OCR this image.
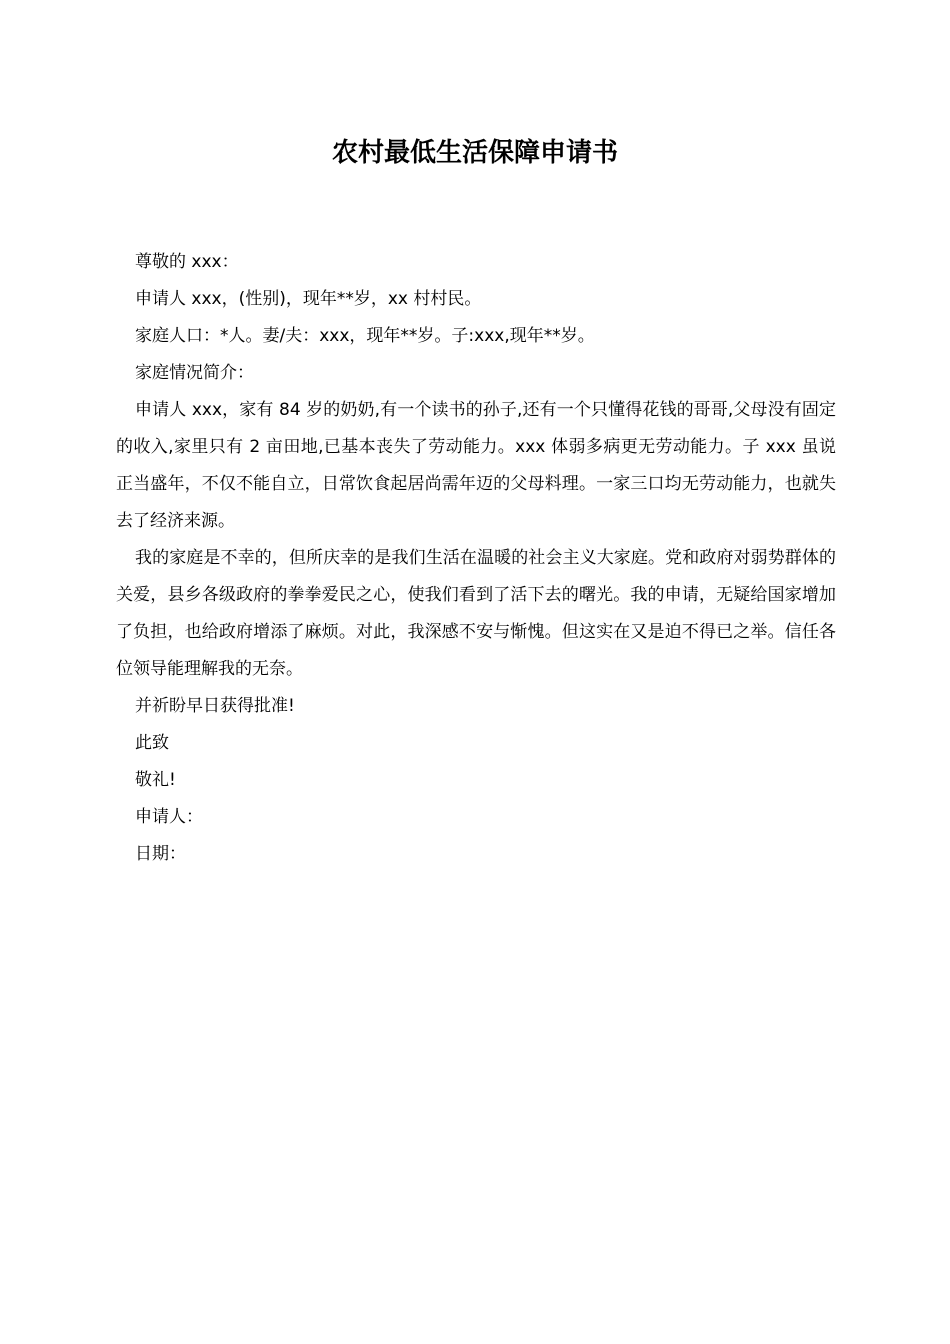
农村最低生活保障申请书

尊敬的 xxx：

申请人 xxx，(性别)，现年**岁，xx 村村民。

家庭人口：*人。妻/夫：xxx，现年**岁。子:xxx,现年**岁。

家庭情况简介：

申请人 xxx，家有 84 岁的奶奶,有一个读书的孙子,还有一个只懂得花钱的哥哥,父母没有固定的收入,家里只有 2 亩田地,已基本丧失了劳动能力。xxx 体弱多病更无劳动能力。子 xxx 虽说正当盛年，不仅不能自立，日常饮食起居尚需年迈的父母料理。一家三口均无劳动能力，也就失去了经济来源。

我的家庭是不幸的，但所庆幸的是我们生活在温暖的社会主义大家庭。党和政府对弱势群体的关爱，县乡各级政府的拳拳爱民之心，使我们看到了活下去的曙光。我的申请，无疑给国家增加了负担，也给政府增添了麻烦。对此，我深感不安与惭愧。但这实在又是迫不得已之举。信任各位领导能理解我的无奈。

并祈盼早日获得批准!

此致

敬礼!

申请人：

日期：
